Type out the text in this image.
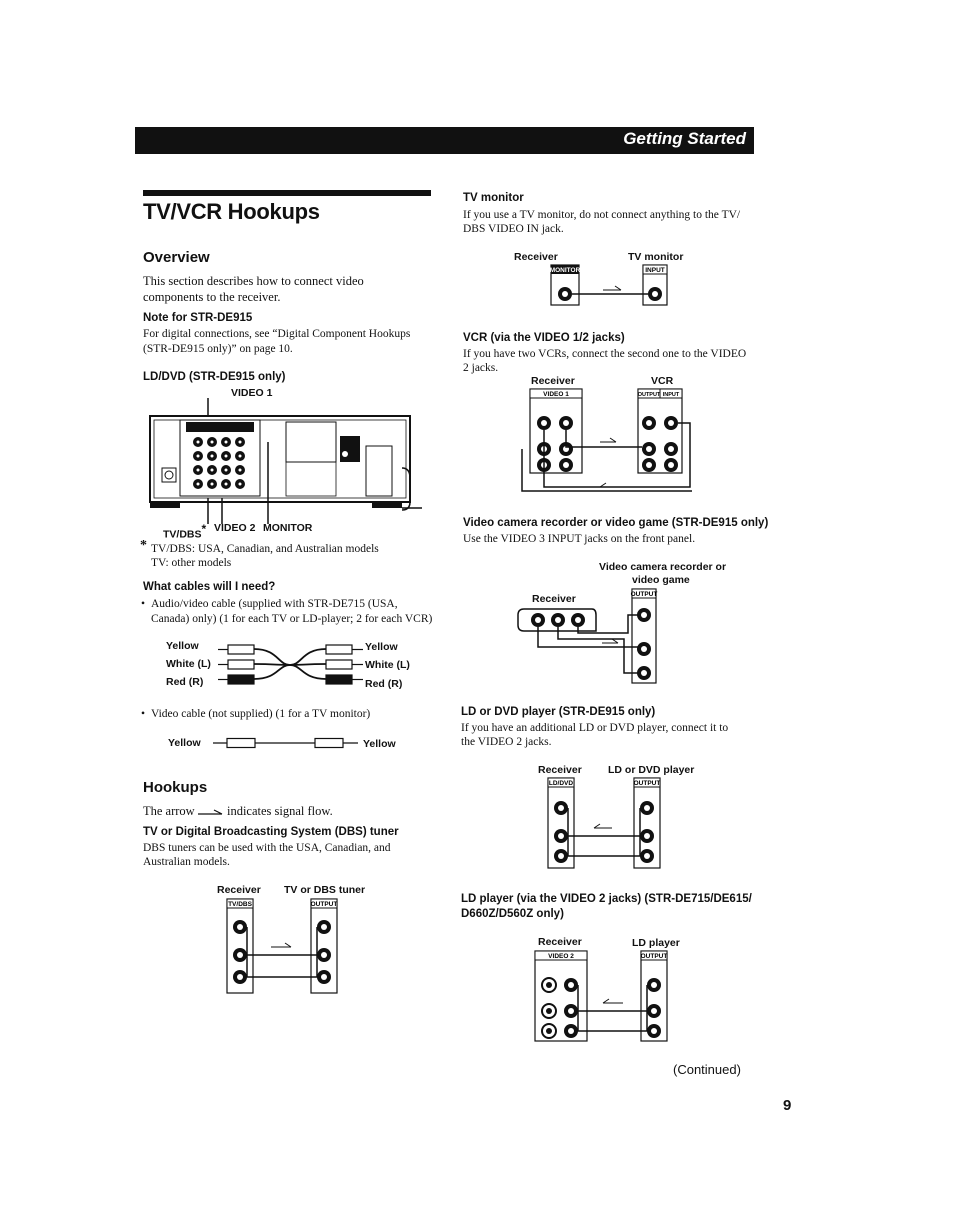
Getting Started
TV/VCR Hookups
Overview
This section describes how to connect video
components to the receiver.
Note for STR-DE915
For digital connections, see “Digital Component Hookups
(STR-DE915 only)” on page 10.
LD/DVD (STR-DE915 only)
VIDEO 1
TV/DBS* VIDEO 2 MONITOR
* TV/DBS: USA, Canadian, and Australian models
TV: other models
What cables will I need?
• Audio/video cable (supplied with STR-DE715 (USA,
Canada) only) (1 for each TV or LD-player; 2 for each VCR)
Yellow
White (L)
Red (R)
Yellow
White (L)
Red (R)
• Video cable (not supplied) (1 for a TV monitor)
Yellow	Yellow
Hookups
The arrow	indicates signal flow.
TV or Digital Broadcasting System (DBS) tuner
DBS tuners can be used with the USA, Canadian, and
Australian models.
Receiver TV or DBS tuner
TV/DBS	OUTPUT
TV monitor
If you use a TV monitor, do not connect anything to the TV/
DBS VIDEO IN jack.
Receiver	TV monitor
MONITOR	INPUT
VCR (via the VIDEO 1/2 jacks)
If you have two VCRs, connect the second one to the VIDEO
2 jacks.
Receiver	VCR
VIDEO 1	OUTPUT INPUT
Video camera recorder or video game (STR-DE915 only)
Use the VIDEO 3 INPUT jacks on the front panel.
Video camera recorder or
video game
Receiver	OUTPUT
LD or DVD player (STR-DE915 only)
If you have an additional LD or DVD player, connect it to
the VIDEO 2 jacks.
Receiver LD or DVD player
LD/DVD	OUTPUT
LD player (via the VIDEO 2 jacks) (STR-DE715/DE615/
D660Z/D560Z only)
Receiver	LD player
VIDEO 2	OUTPUT
(Continued)
9
